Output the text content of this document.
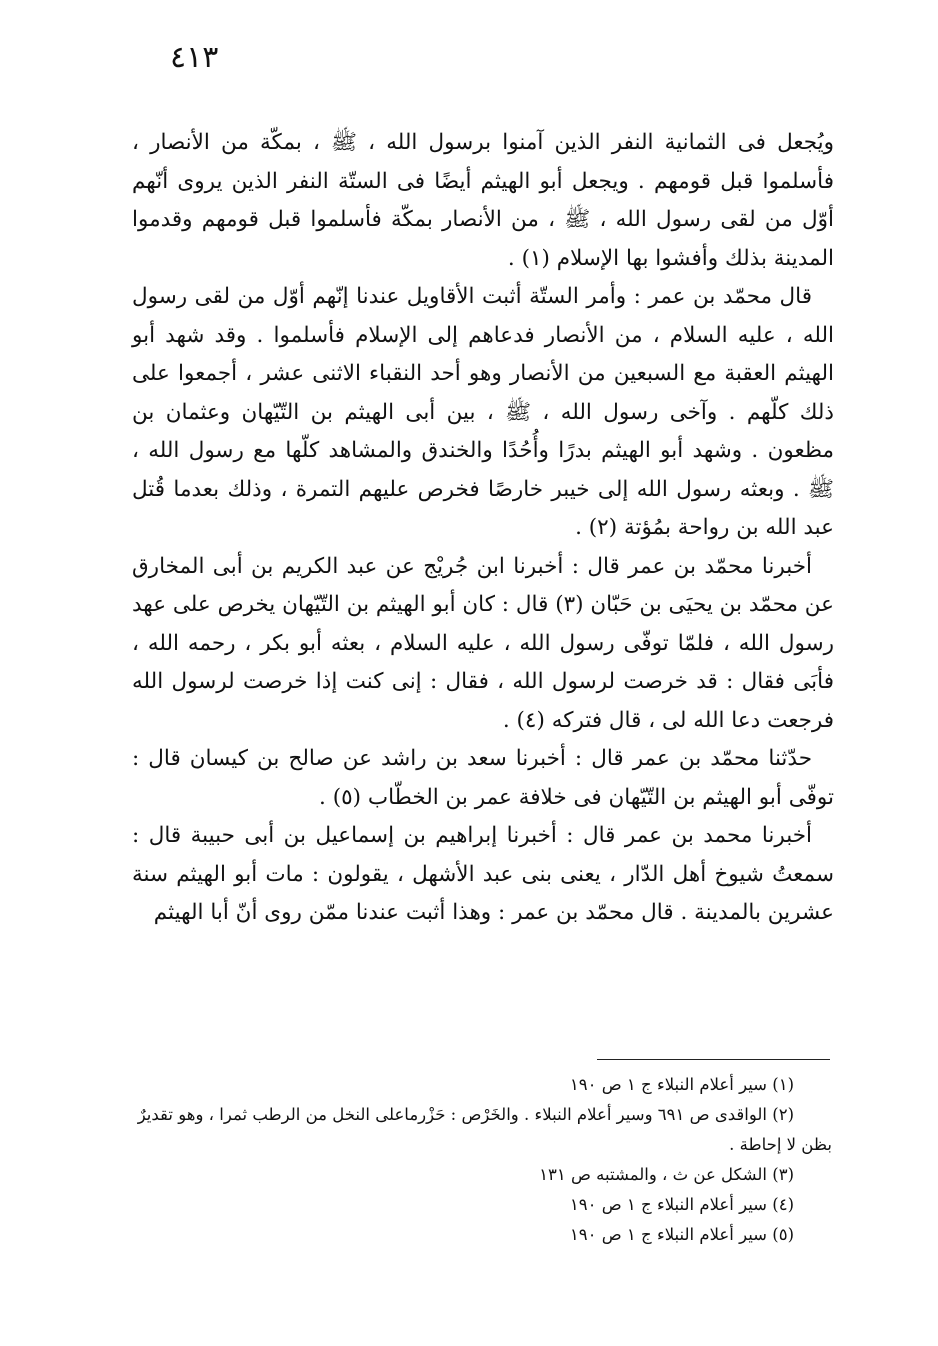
٤١٣

ويُجعل فى الثمانية النفر الذين آمنوا برسول الله ، ﷺ ، بمكّة من الأنصار ، فأسلموا قبل قومهم . ويجعل أبو الهيثم أيضًا فى الستّة النفر الذين يروى أنّهم أوّل من لقى رسول الله ، ﷺ ، من الأنصار بمكّة فأسلموا قبل قومهم وقدموا المدينة بذلك وأفشوا بها الإسلام (١) .

قال محمّد بن عمر : وأمر الستّة أثبت الأقاويل عندنا إنّهم أوّل من لقى رسول الله ، عليه السلام ، من الأنصار فدعاهم إلى الإسلام فأسلموا . وقد شهد أبو الهيثم العقبة مع السبعين من الأنصار وهو أحد النقباء الاثنى عشر ، أجمعوا على ذلك كلّهم . وآخى رسول الله ، ﷺ ، بين أبى الهيثم بن التّيّهان وعثمان بن مظعون . وشهد أبو الهيثم بدرًا وأُحُدًا والخندق والمشاهد كلّها مع رسول الله ، ﷺ . وبعثه رسول الله إلى خيبر خارصًا فخرص عليهم التمرة ، وذلك بعدما قُتل عبد الله بن رواحة بمُؤتة (٢) .

أخبرنا محمّد بن عمر قال : أخبرنا ابن جُريْج عن عبد الكريم بن أبى المخارق عن محمّد بن يحيَى بن حَبّان (٣) قال : كان أبو الهيثم بن التّيّهان يخرص على عهد رسول الله ، فلمّا توفّى رسول الله ، عليه السلام ، بعثه أبو بكر ، رحمه الله ، فأبَى فقال : قد خرصت لرسول الله ، فقال : إنى كنت إذا خرصت لرسول الله فرجعت دعا الله لى ، قال فتركه (٤) .

حدّثنا محمّد بن عمر قال : أخبرنا سعد بن راشد عن صالح بن كيسان قال : توفّى أبو الهيثم بن التّيّهان فى خلافة عمر بن الخطّاب (٥) .

أخبرنا محمد بن عمر قال : أخبرنا إبراهيم بن إسماعيل بن أبى حبيبة قال : سمعتُ شيوخ أهل الدّار ، يعنى بنى عبد الأشهل ، يقولون : مات أبو الهيثم سنة عشرين بالمدينة . قال محمّد بن عمر : وهذا أثبت عندنا ممّن روى أنّ أبا الهيثم

(١) سير أعلام النبلاء ج ١ ص ١٩٠
(٢) الواقدى ص ٦٩١ وسير أعلام النبلاء . والخَرْص : حَزْرماعلى النخل من الرطب ثمرا ، وهو تقديرٌ بظن لا إحاطة .
(٣) الشكل عن ث ، والمشتبه ص ١٣١
(٤) سير أعلام النبلاء ج ١ ص ١٩٠
(٥) سير أعلام النبلاء ج ١ ص ١٩٠
